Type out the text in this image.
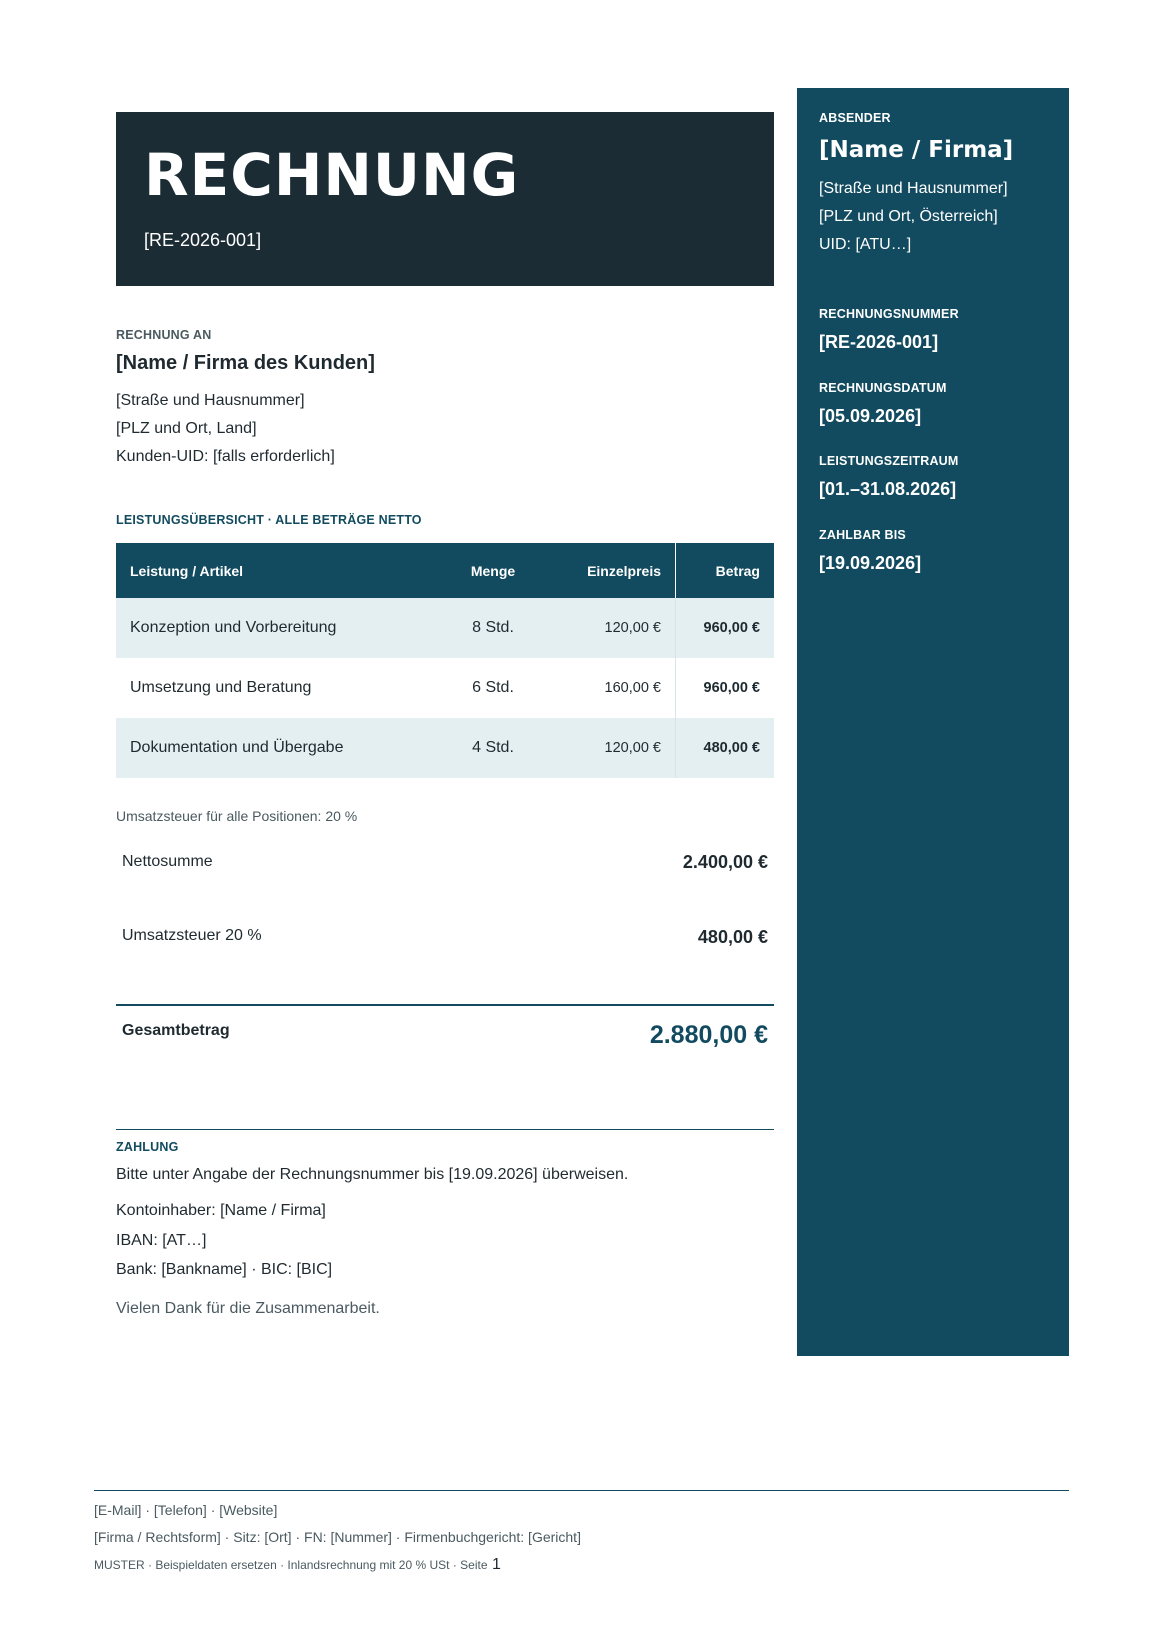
RECHNUNG
[RE-2026-001]
ABSENDER
[Name / Firma]
[Straße und Hausnummer]
[PLZ und Ort, Österreich]
UID: [ATU…]
RECHNUNGSNUMMER
[RE-2026-001]
RECHNUNGSDATUM
[05.09.2026]
LEISTUNGSZEITRAUM
[01.–31.08.2026]
ZAHLBAR BIS
[19.09.2026]
RECHNUNG AN
[Name / Firma des Kunden]
[Straße und Hausnummer]
[PLZ und Ort, Land]
Kunden-UID: [falls erforderlich]
LEISTUNGSÜBERSICHT · ALLE BETRÄGE NETTO
Leistung / Artikel	Menge	Einzelpreis	Betrag
Konzeption und Vorbereitung	8 Std.	120,00 €	960,00 €
Umsetzung und Beratung	6 Std.	160,00 €	960,00 €
Dokumentation und Übergabe	4 Std.	120,00 €	480,00 €
Umsatzsteuer für alle Positionen: 20 %
Nettosumme	2.400,00 €
Umsatzsteuer 20 %	480,00 €
Gesamtbetrag	2.880,00 €
ZAHLUNG
Bitte unter Angabe der Rechnungsnummer bis [19.09.2026] überweisen.
Kontoinhaber: [Name / Firma]
IBAN: [AT…]
Bank: [Bankname] · BIC: [BIC]
Vielen Dank für die Zusammenarbeit.
[E-Mail] · [Telefon] · [Website]
[Firma / Rechtsform] · Sitz: [Ort] · FN: [Nummer] · Firmenbuchgericht: [Gericht]
MUSTER · Beispieldaten ersetzen · Inlandsrechnung mit 20 % USt · Seite 1
